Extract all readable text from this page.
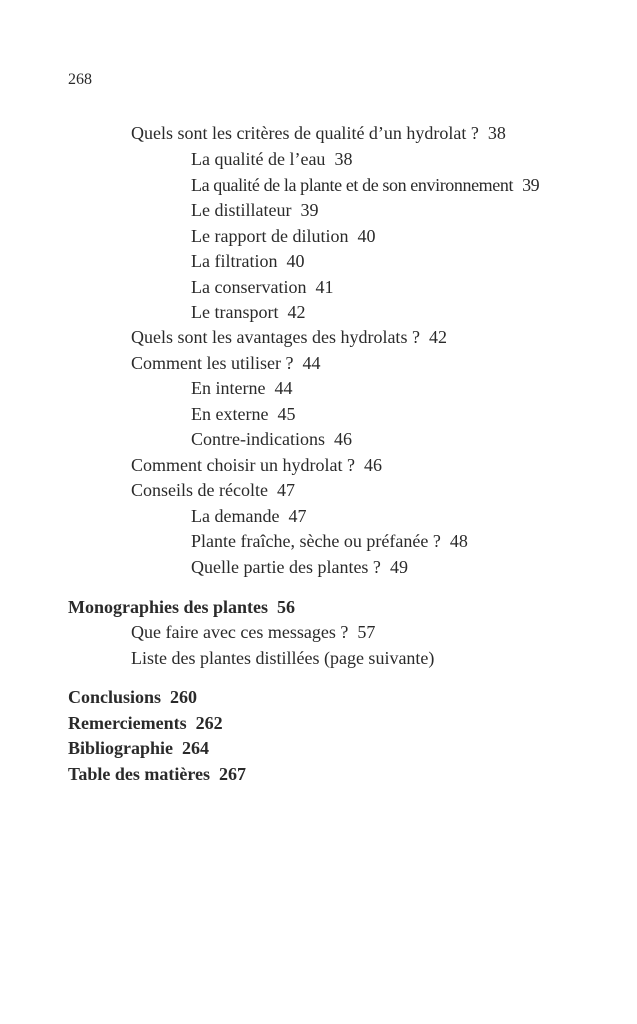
268
Quels sont les critères de qualité d’un hydrolat ? 38
La qualité de l’eau 38
La qualité de la plante et de son environnement 39
Le distillateur 39
Le rapport de dilution 40
La filtration 40
La conservation 41
Le transport 42
Quels sont les avantages des hydrolats ? 42
Comment les utiliser ? 44
En interne 44
En externe 45
Contre-indications 46
Comment choisir un hydrolat ? 46
Conseils de récolte 47
La demande 47
Plante fraîche, sèche ou préfanée ? 48
Quelle partie des plantes ? 49
Monographies des plantes 56
Que faire avec ces messages ? 57
Liste des plantes distillées (page suivante)
Conclusions 260
Remerciements 262
Bibliographie 264
Table des matières 267
